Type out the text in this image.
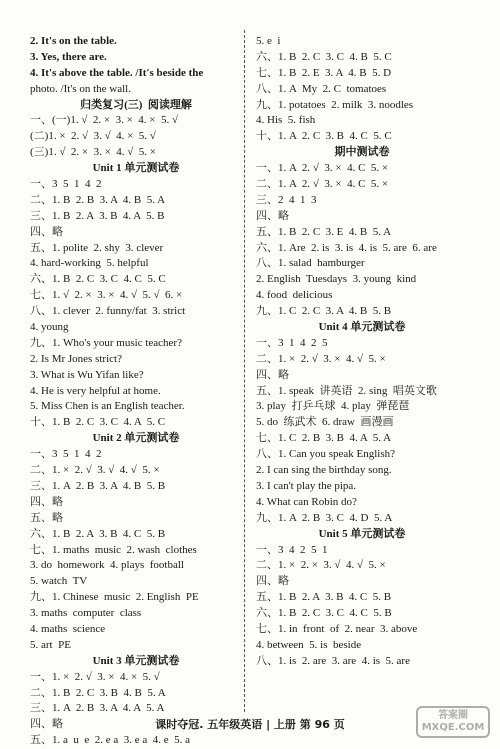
2. It's on the table.
3. Yes, there are.
4. It's above the table. /It's beside the
photo. /It's on the wall.
归类复习(三)  阅读理解
一、(一)1. √  2. ×  3. ×  4. ×  5. √
(二)1. ×  2. √  3. √  4. ×  5. √
(三)1. √  2. ×  3. ×  4. √  5. ×
Unit 1 单元测试卷
一、3  5  1  4  2
二、1. B  2. B  3. A  4. B  5. A
三、1. B  2. A  3. B  4. A  5. B
四、略
五、1. polite  2. shy  3. clever
4. hard-working  5. helpful
六、1. B  2. C  3. C  4. C  5. C
七、1. √  2. ×  3. ×  4. √  5. √  6. ×
八、1. clever  2. funny/fat  3. strict
4. young
九、1. Who's your music teacher?
2. Is Mr Jones strict?
3. What is Wu Yifan like?
4. He is very helpful at home.
5. Miss Chen is an English teacher.
十、1. B  2. C  3. C  4. A  5. C
Unit 2 单元测试卷
一、3  5  1  4  2
二、1. ×  2. √  3. √  4. √  5. ×
三、1. A  2. B  3. A  4. B  5. B
四、略
五、略
六、1. B  2. A  3. B  4. C  5. B
七、1. maths  music  2. wash  clothes
3. do  homework  4. plays  football
5. watch  TV
九、1. Chinese  music  2. English  PE
3. maths  computer  class
4. maths  science
5. art  PE
Unit 3 单元测试卷
一、1. ×  2. √  3. ×  4. ×  5. √
二、1. B  2. C  3. B  4. B  5. A
三、1. A  2. B  3. A  4. A  5. A
四、略
五、1. a  u  e  2. e a  3. e a  4. e  5. a
5. e  i
六、1. B  2. C  3. C  4. B  5. C
七、1. B  2. E  3. A  4. B  5. D
八、1. A  My  2. C  tomatoes
九、1. potatoes  2. milk  3. noodles
4. His  5. fish
十、1. A  2. C  3. B  4. C  5. C
期中测试卷
一、1. A  2. √  3. ×  4. C  5. ×
二、1. A  2. √  3. ×  4. C  5. ×
三、2  4  1  3
四、略
五、1. B  2. C  3. E  4. B  5. A
六、1. Are  2. is  3. is  4. is  5. are  6. are
八、1. salad  hamburger
2. English  Tuesdays  3. young  kind
4. food  delicious
九、1. C  2. C  3. A  4. B  5. B
Unit 4 单元测试卷
一、3  1  4  2  5
二、1. ×  2. √  3. ×  4. √  5. ×
四、略
五、1. speak  讲英语  2. sing  唱英文歌
3. play  打乒乓球  4. play  弹琵琶
5. do  练武术  6. draw  画漫画
七、1. C  2. B  3. B  4. A  5. A
八、1. Can you speak English?
2. I can sing the birthday song.
3. I can't play the pipa.
4. What can Robin do?
九、1. A  2. B  3. C  4. D  5. A
Unit 5 单元测试卷
一、3  4  2  5  1
二、1. ×  2. ×  3. √  4. √  5. ×
四、略
五、1. B  2. A  3. B  4. C  5. B
六、1. B  2. C  3. C  4. C  5. B
七、1. in  front  of  2. near  3. above
4. between  5. is  beside
八、1. is  2. are  3. are  4. is  5. are
课时夺冠. 五年级英语 | 上册 第 96 页
答案圈
MXQE.COM
